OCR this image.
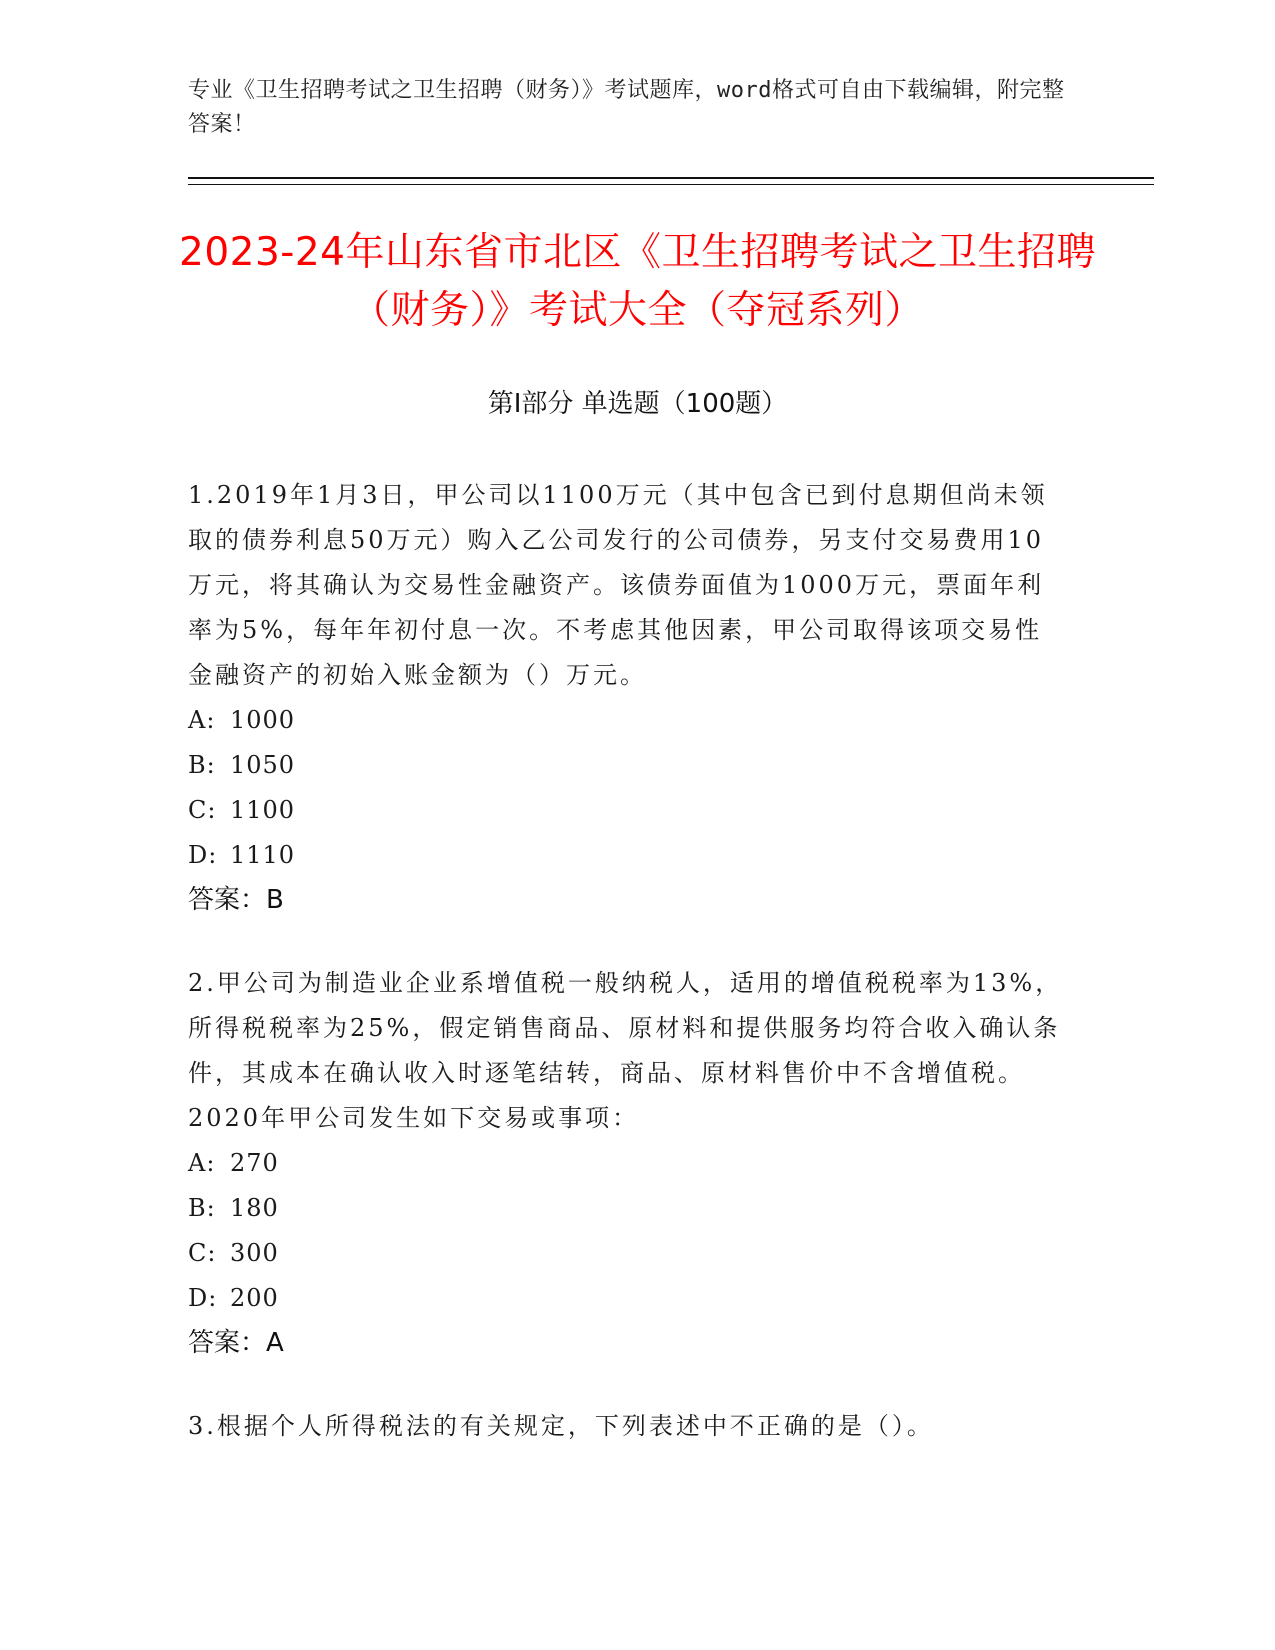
专业《卫生招聘考试之卫生招聘（财务）》考试题库，word格式可自由下载编辑，附完整答案！
2023-24年山东省市北区《卫生招聘考试之卫生招聘（财务）》考试大全（夺冠系列）
第Ⅰ部分 单选题（100题）

1.2019年1月3日，甲公司以1100万元（其中包含已到付息期但尚未领取的债券利息50万元）购入乙公司发行的公司债券，另支付交易费用10万元，将其确认为交易性金融资产。该债券面值为1000万元，票面年利率为5%，每年年初付息一次。不考虑其他因素，甲公司取得该项交易性金融资产的初始入账金额为（）万元。

A: 1000
B: 1050
C: 1100
D: 1110
答案：B

2.甲公司为制造业企业系增值税一般纳税人，适用的增值税税率为13%，所得税税率为25%，假定销售商品、原材料和提供服务均符合收入确认条件，其成本在确认收入时逐笔结转，商品、原材料售价中不含增值税。2020年甲公司发生如下交易或事项：

A: 270
B: 180
C: 300
D: 200
答案：A

3.根据个人所得税法的有关规定，下列表述中不正确的是（）。
